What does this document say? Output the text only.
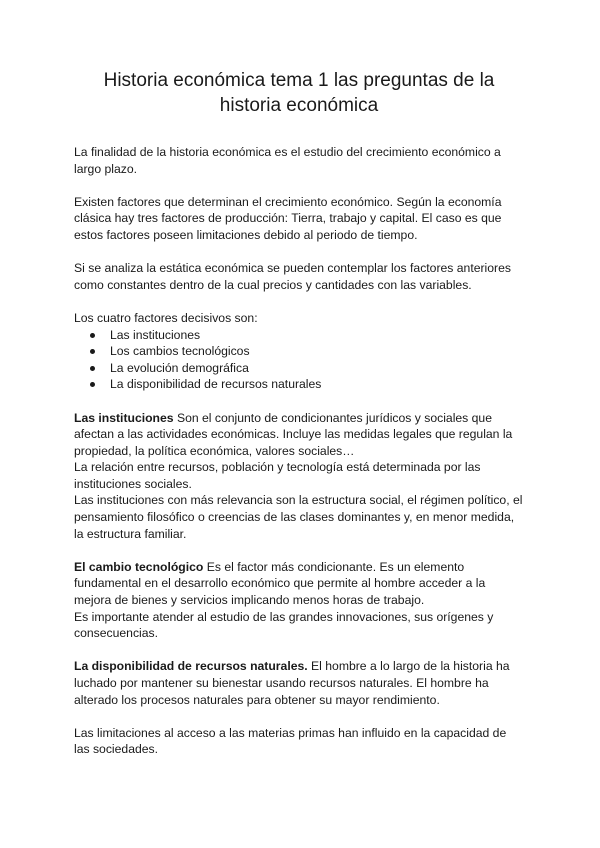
Historia económica tema 1 las preguntas de la historia económica

La finalidad de la historia económica es el estudio del crecimiento económico a largo plazo.

Existen factores que determinan el crecimiento económico. Según la economía clásica hay tres factores de producción: Tierra, trabajo y capital. El caso es que estos factores poseen limitaciones debido al periodo de tiempo.

Si se analiza la estática económica se pueden contemplar los factores anteriores como constantes dentro de la cual precios y cantidades con las variables.

Los cuatro factores decisivos son:

Las instituciones
Los cambios tecnológicos
La evolución demográfica
La disponibilidad de recursos naturales

Las instituciones Son el conjunto de condicionantes jurídicos y sociales que afectan a las actividades económicas. Incluye las medidas legales que regulan la propiedad, la política económica, valores sociales…

La relación entre recursos, población y tecnología está determinada por las instituciones sociales.

Las instituciones con más relevancia son la estructura social, el régimen político, el pensamiento filosófico o creencias de las clases dominantes y, en menor medida, la estructura familiar.

El cambio tecnológico Es el factor más condicionante. Es un elemento fundamental en el desarrollo económico que permite al hombre acceder a la mejora de bienes y servicios implicando menos horas de trabajo.

Es importante atender al estudio de las grandes innovaciones, sus orígenes y consecuencias.

La disponibilidad de recursos naturales. El hombre a lo largo de la historia ha luchado por mantener su bienestar usando recursos naturales. El hombre ha alterado los procesos naturales para obtener su mayor rendimiento.

Las limitaciones al acceso a las materias primas han influido en la capacidad de las sociedades.
